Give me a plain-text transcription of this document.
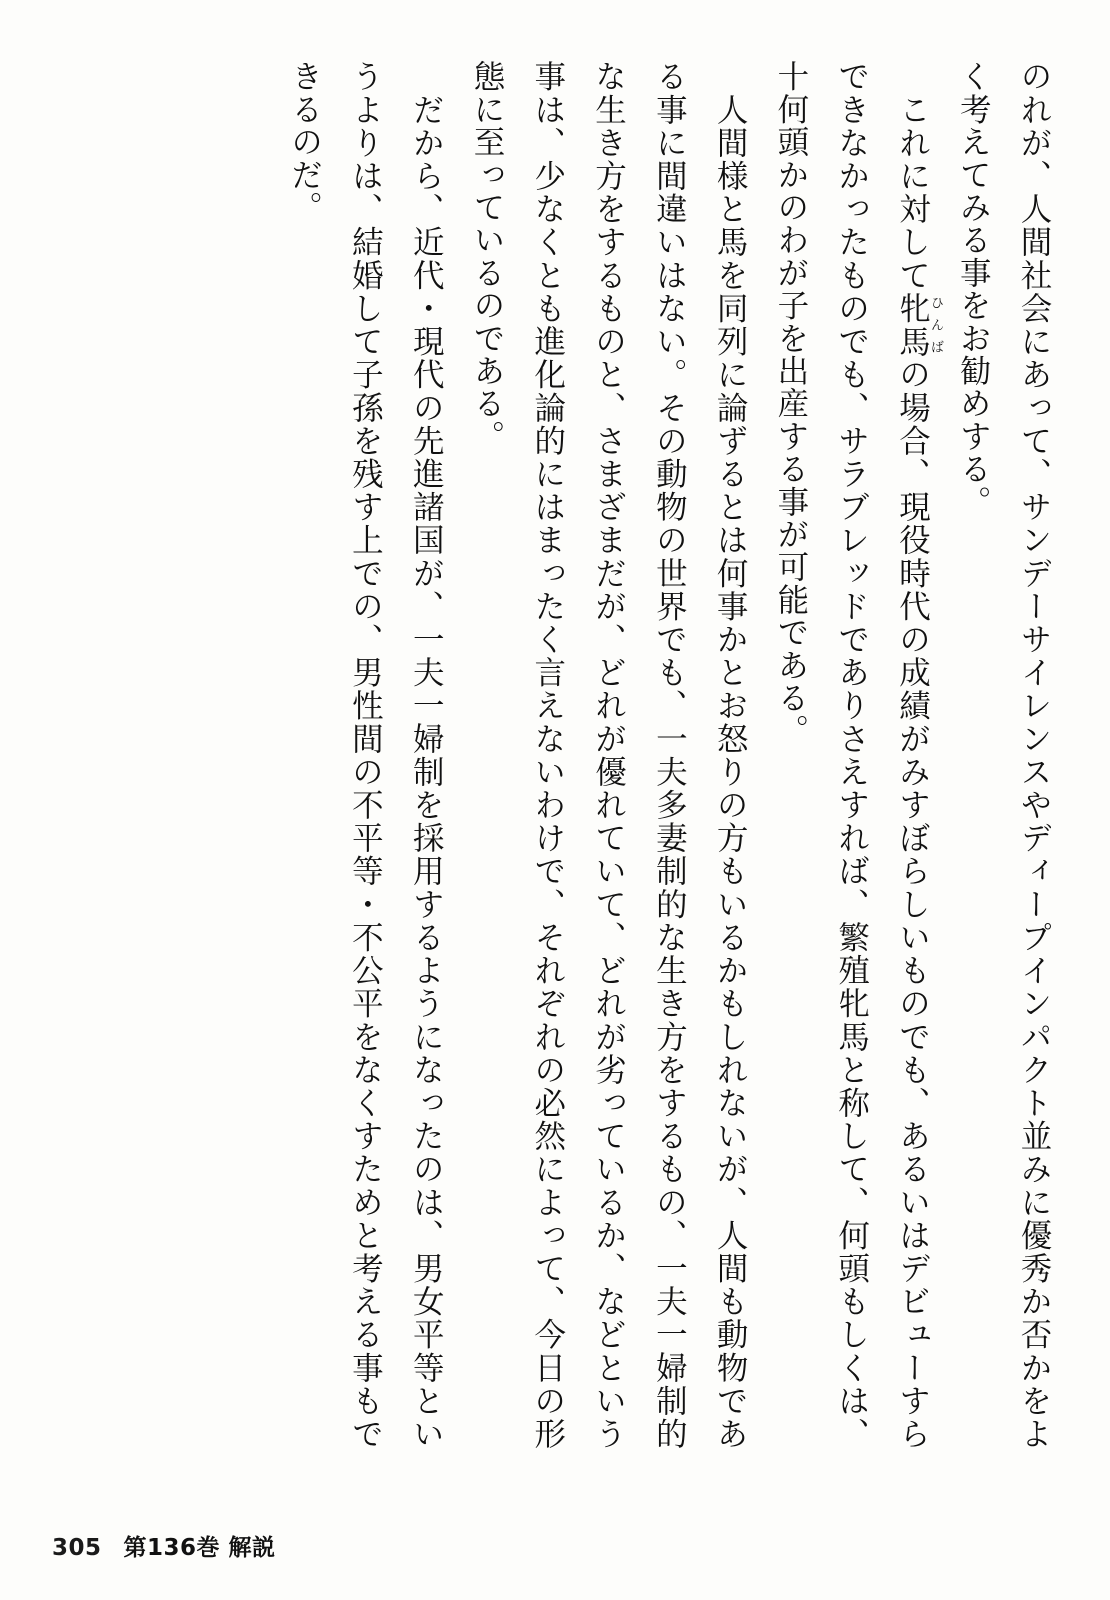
のれが、人間社会にあって、サンデーサイレンスやディープインパクト並みに優秀か否かをよく考えてみる事をお勧めする。

　これに対して牝馬ひんばの場合、現役時代の成績がみすぼらしいものでも、あるいはデビューすらできなかったものでも、サラブレッドでありさえすれば、繁殖牝馬と称して、何頭もしくは、十何頭かのわが子を出産する事が可能である。

　人間様と馬を同列に論ずるとは何事かとお怒りの方もいるかもしれないが、人間も動物である事に間違いはない。その動物の世界でも、一夫多妻制的な生き方をするもの、一夫一婦制的な生き方をするものと、さまざまだが、どれが優れていて、どれが劣っているか、などという事は、少なくとも進化論的にはまったく言えないわけで、それぞれの必然によって、今日の形態に至っているのである。

　だから、近代・現代の先進諸国が、一夫一婦制を採用するようになったのは、男女平等というよりは、結婚して子孫を残す上での、男性間の不平等・不公平をなくすためと考える事もできるのだ。

305 第136巻 解説
